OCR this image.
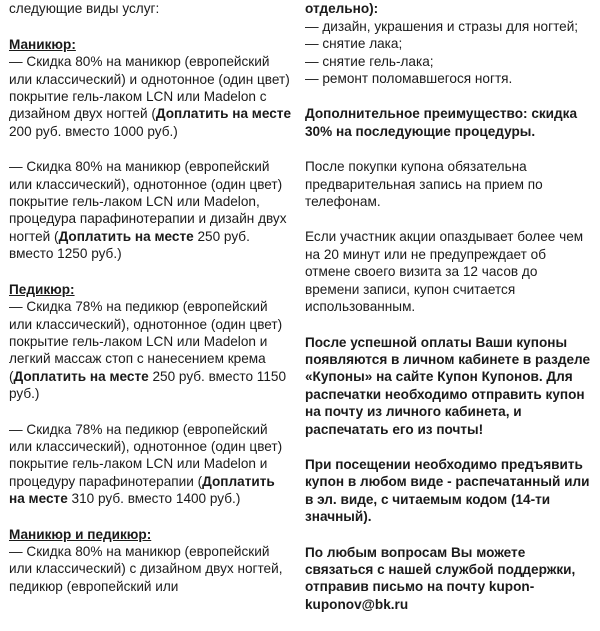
следующие виды услуг:

Маникюр:
— Скидка 80% на маникюр (европейский или классический) и однотонное (один цвет) покрытие гель-лаком LCN или Madelon с дизайном двух ногтей (Доплатить на месте 200 руб. вместо 1000 руб.)

— Скидка 80% на маникюр (европейский или классический), однотонное (один цвет) покрытие гель-лаком LCN или Madelon, процедура парафинотерапии и дизайн двух ногтей (Доплатить на месте 250 руб. вместо 1250 руб.)

Педикюр:
— Скидка 78% на педикюр (европейский или классический), однотонное (один цвет) покрытие гель-лаком LCN или Madelon и легкий массаж стоп с нанесением крема (Доплатить на месте 250 руб. вместо 1150 руб.)

— Скидка 78% на педикюр (европейский или классический), однотонное (один цвет) покрытие гель-лаком LCN или Madelon и процедуру парафинотерапии (Доплатить на месте 310 руб. вместо 1400 руб.)

Маникюр и педикюр:
— Скидка 80% на маникюр (европейский или классический) с дизайном двух ногтей, педикюр (европейский или

отдельно):

— дизайн, украшения и стразы для ногтей;
— снятие лака;
— снятие гель-лака;
— ремонт поломавшегося ногтя.

Дополнительное преимущество: скидка 30% на последующие процедуры.

После покупки купона обязательна предварительная запись на прием по телефонам.

Если участник акции опаздывает более чем на 20 минут или не предупреждает об отмене своего визита за 12 часов до времени записи, купон считается использованным.

После успешной оплаты Ваши купоны появляются в личном кабинете в разделе «Купоны» на сайте Купон Купонов. Для распечатки необходимо отправить купон на почту из личного кабинета, и распечатать его из почты!

При посещении необходимо предъявить купон в любом виде - распечатанный или в эл. виде, с читаемым кодом (14-ти значный).

По любым вопросам Вы можете связаться с нашей службой поддержки, отправив письмо на почту kupon-kuponov@bk.ru
